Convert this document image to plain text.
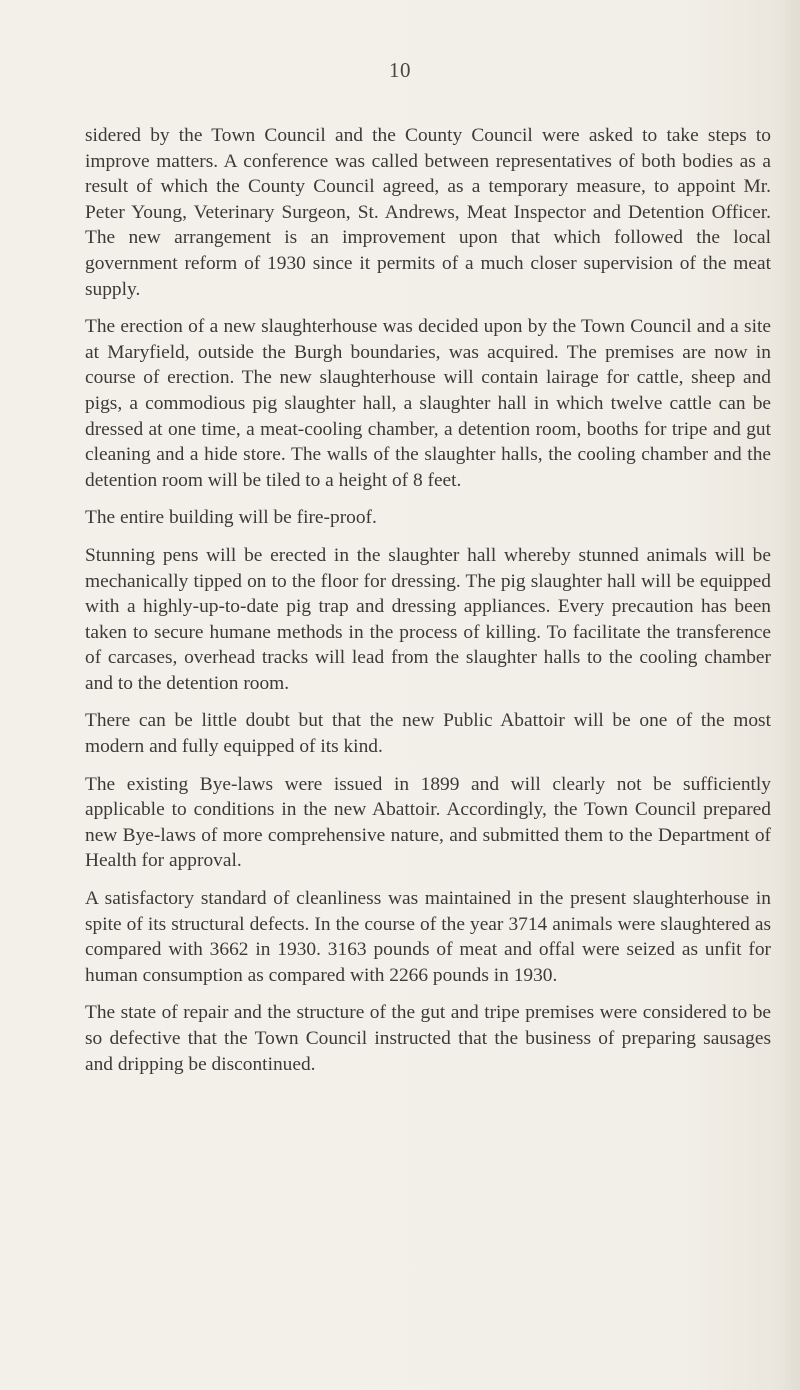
10

sidered by the Town Council and the County Council were asked to take steps to improve matters. A conference was called between representatives of both bodies as a result of which the County Council agreed, as a temporary measure, to appoint Mr. Peter Young, Veterinary Surgeon, St. Andrews, Meat Inspector and Detention Officer. The new arrangement is an improvement upon that which followed the local government reform of 1930 since it permits of a much closer supervision of the meat supply.

The erection of a new slaughterhouse was decided upon by the Town Council and a site at Maryfield, outside the Burgh boundaries, was acquired. The premises are now in course of erection. The new slaughterhouse will contain lairage for cattle, sheep and pigs, a commodious pig slaughter hall, a slaughter hall in which twelve cattle can be dressed at one time, a meat-cooling chamber, a detention room, booths for tripe and gut cleaning and a hide store. The walls of the slaughter halls, the cooling chamber and the detention room will be tiled to a height of 8 feet.

The entire building will be fire-proof.

Stunning pens will be erected in the slaughter hall whereby stunned animals will be mechanically tipped on to the floor for dressing. The pig slaughter hall will be equipped with a highly-up-to-date pig trap and dressing appliances. Every precaution has been taken to secure humane methods in the process of killing. To facilitate the transference of carcases, overhead tracks will lead from the slaughter halls to the cooling chamber and to the detention room.

There can be little doubt but that the new Public Abattoir will be one of the most modern and fully equipped of its kind.

The existing Bye-laws were issued in 1899 and will clearly not be sufficiently applicable to conditions in the new Abattoir. Accordingly, the Town Council prepared new Bye-laws of more comprehensive nature, and submitted them to the Department of Health for approval.

A satisfactory standard of cleanliness was maintained in the present slaughterhouse in spite of its structural defects. In the course of the year 3714 animals were slaughtered as compared with 3662 in 1930. 3163 pounds of meat and offal were seized as unfit for human consumption as compared with 2266 pounds in 1930.

The state of repair and the structure of the gut and tripe premises were considered to be so defective that the Town Council instructed that the business of preparing sausages and dripping be discontinued.
